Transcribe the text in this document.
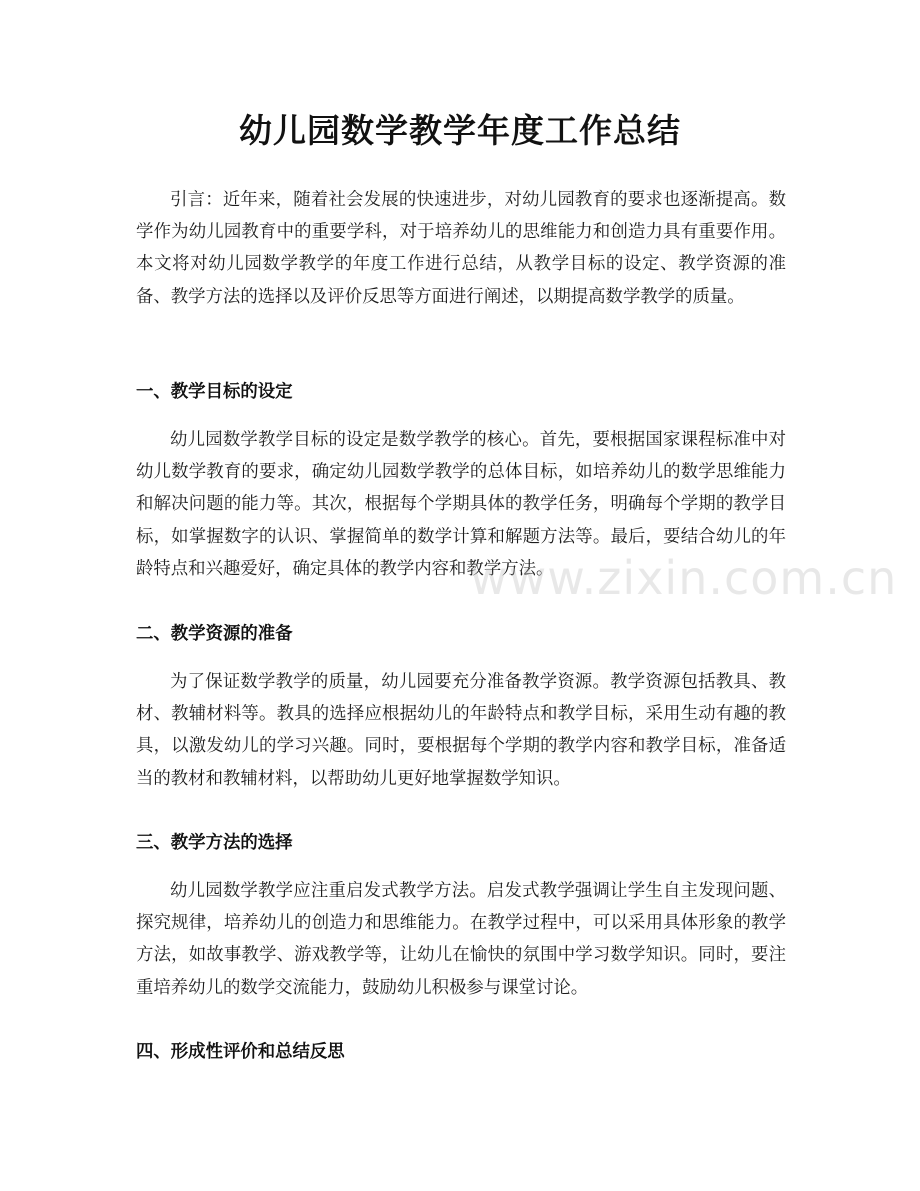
幼儿园数学教学年度工作总结

引言：近年来，随着社会发展的快速进步，对幼儿园教育的要求也逐渐提高。数学作为幼儿园教育中的重要学科，对于培养幼儿的思维能力和创造力具有重要作用。本文将对幼儿园数学教学的年度工作进行总结，从教学目标的设定、教学资源的准备、教学方法的选择以及评价反思等方面进行阐述，以期提高数学教学的质量。

一、教学目标的设定

幼儿园数学教学目标的设定是数学教学的核心。首先，要根据国家课程标准中对幼儿数学教育的要求，确定幼儿园数学教学的总体目标，如培养幼儿的数学思维能力和解决问题的能力等。其次，根据每个学期具体的教学任务，明确每个学期的教学目标，如掌握数字的认识、掌握简单的数学计算和解题方法等。最后，要结合幼儿的年龄特点和兴趣爱好，确定具体的教学内容和教学方法。

二、教学资源的准备

为了保证数学教学的质量，幼儿园要充分准备教学资源。教学资源包括教具、教材、教辅材料等。教具的选择应根据幼儿的年龄特点和教学目标，采用生动有趣的教具，以激发幼儿的学习兴趣。同时，要根据每个学期的教学内容和教学目标，准备适当的教材和教辅材料，以帮助幼儿更好地掌握数学知识。

三、教学方法的选择

幼儿园数学教学应注重启发式教学方法。启发式教学强调让学生自主发现问题、探究规律，培养幼儿的创造力和思维能力。在教学过程中，可以采用具体形象的教学方法，如故事教学、游戏教学等，让幼儿在愉快的氛围中学习数学知识。同时，要注重培养幼儿的数学交流能力，鼓励幼儿积极参与课堂讨论。

四、形成性评价和总结反思
www.zixin.com.cn
